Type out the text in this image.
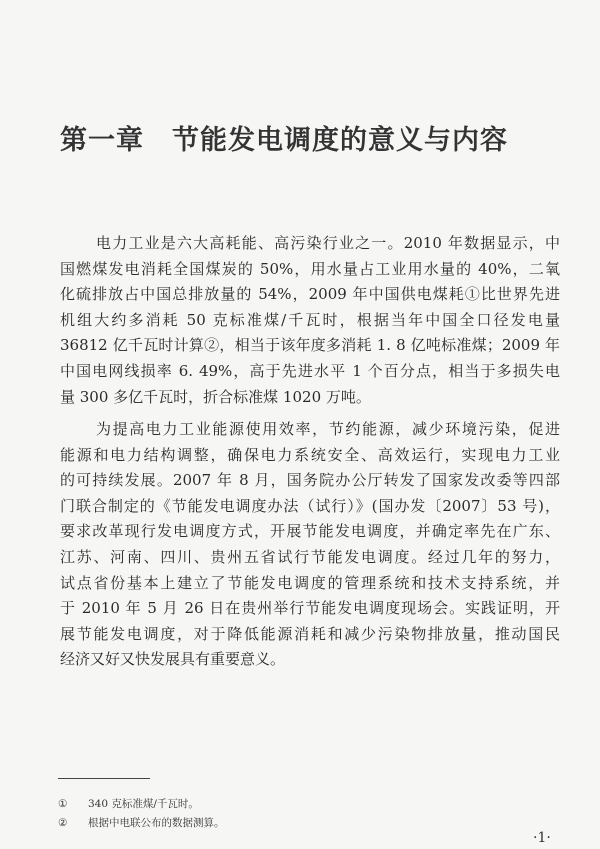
第一章 节能发电调度的意义与内容
电力工业是六大高耗能、高污染行业之一。2010 年数据显示，中
国燃煤发电消耗全国煤炭的 50%，用水量占工业用水量的 40%，二氧
化硫排放占中国总排放量的 54%，2009 年中国供电煤耗①比世界先进
机组大约多消耗 50 克标准煤/千瓦时，根据当年中国全口径发电量
36812 亿千瓦时计算②，相当于该年度多消耗 1. 8 亿吨标准煤；2009 年
中国电网线损率 6. 49%，高于先进水平 1 个百分点，相当于多损失电
量 300 多亿千瓦时，折合标准煤 1020 万吨。
为提高电力工业能源使用效率，节约能源，减少环境污染，促进
能源和电力结构调整，确保电力系统安全、高效运行，实现电力工业
的可持续发展。2007 年 8 月，国务院办公厅转发了国家发改委等四部
门联合制定的《节能发电调度办法（试行）》(国办发〔2007〕53 号)，
要求改革现行发电调度方式，开展节能发电调度，并确定率先在广东、
江苏、河南、四川、贵州五省试行节能发电调度。经过几年的努力，
试点省份基本上建立了节能发电调度的管理系统和技术支持系统，并
于 2010 年 5 月 26 日在贵州举行节能发电调度现场会。实践证明，开
展节能发电调度，对于降低能源消耗和减少污染物排放量，推动国民
经济又好又快发展具有重要意义。
① 340 克标准煤/千瓦时。
② 根据中电联公布的数据测算。
·1·
